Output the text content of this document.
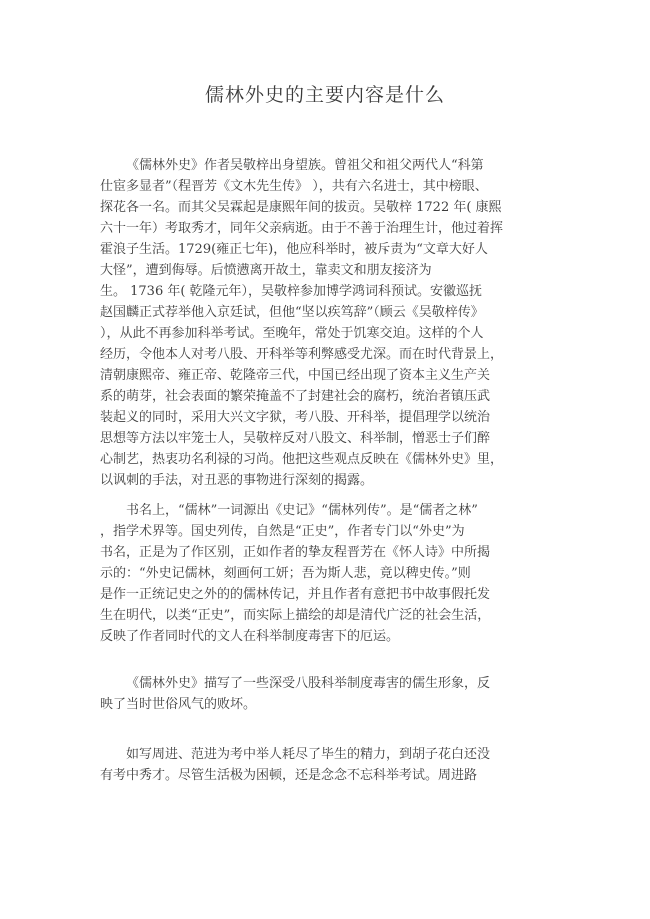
儒林外史的主要内容是什么
《儒林外史》作者吴敬梓出身望族。曾祖父和祖父两代人“科第
仕宦多显者”（程晋芳《文木先生传》 ），共有六名进士，其中榜眼、
探花各一名。而其父吴霖起是康熙年间的拔贡。吴敬梓 1722 年( 康熙
六十一年）考取秀才，同年父亲病逝。由于不善于治理生计，他过着挥
霍浪子生活。1729(雍正七年)，他应科举时，被斥责为“文章大好人
大怪”，遭到侮辱。后愤懑离开故土，靠卖文和朋友接济为
生。 1736 年( 乾隆元年），吴敬梓参加博学鸿词科预试。安徽巡抚
赵国麟正式荐举他入京廷试，但他“坚以疾笃辞”（顾云《吴敬梓传》
），从此不再参加科举考试。至晚年，常处于饥寒交迫。这样的个人
经历，令他本人对考八股、开科举等利弊感受尤深。而在时代背景上，
清朝康熙帝、雍正帝、乾隆帝三代，中国已经出现了资本主义生产关
系的萌芽，社会表面的繁荣掩盖不了封建社会的腐朽，统治者镇压武
装起义的同时，采用大兴文字狱，考八股、开科举，提倡理学以统治
思想等方法以牢笼士人，吴敬梓反对八股文、科举制，憎恶士子们醉
心制艺，热衷功名利禄的习尚。他把这些观点反映在《儒林外史》里，
以讽刺的手法，对丑恶的事物进行深刻的揭露。
书名上，“儒林”一词源出《史记》“儒林列传”。是“儒者之林”
，指学术界等。国史列传，自然是“正史”，作者专门以“外史”为
书名，正是为了作区别，正如作者的挚友程晋芳在《怀人诗》中所揭
示的：“外史记儒林，刻画何工妍；吾为斯人悲，竟以稗史传。”则
是作一正统记史之外的的儒林传记，并且作者有意把书中故事假托发
生在明代，以类“正史”，而实际上描绘的却是清代广泛的社会生活，
反映了作者同时代的文人在科举制度毒害下的厄运。
《儒林外史》描写了一些深受八股科举制度毒害的儒生形象，反
映了当时世俗风气的败坏。
如写周进、范进为考中举人耗尽了毕生的精力，到胡子花白还没
有考中秀才。尽管生活极为困顿，还是念念不忘科举考试。周进路
